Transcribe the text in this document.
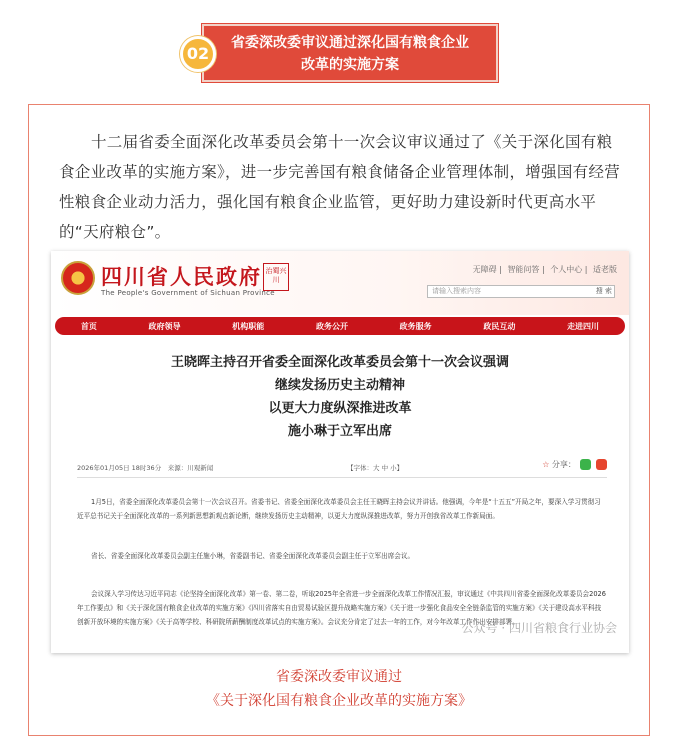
省委深改委审议通过深化国有粮食企业
改革的实施方案
02

十二届省委全面深化改革委员会第十一次会议审议通过了《关于深化国有粮食企业改革的实施方案》，进一步完善国有粮食储备企业管理体制，增强国有经营性粮食企业动力活力，强化国有粮食企业监管，更好助力建设新时代更高水平的“天府粮仓”。

四川省人民政府
The People's Government of Sichuan Province
治蜀兴川
无障碍 | 智能问答 | 个人中心 | 适老版
请输入搜索内容	搜 索
首页	政府领导	机构职能	政务公开	政务服务	政民互动	走进四川
王晓晖主持召开省委全面深化改革委员会第十一次会议强调
继续发扬历史主动精神
以更大力度纵深推进改革
施小琳于立军出席
2026年01月05日 18时36分　来源：川观新闻	【字体：大 中 小】	☆ 分享：

1月5日，省委全面深化改革委员会第十一次会议召开。省委书记、省委全面深化改革委员会主任王晓晖主持会议并讲话。他强调，今年是“十五五”开局之年，要深入学习贯彻习近平总书记关于全面深化改革的一系列新思想新观点新论断，继续发扬历史主动精神，以更大力度纵深推进改革，努力开创我省改革工作新局面。

省长、省委全面深化改革委员会副主任施小琳，省委副书记、省委全面深化改革委员会副主任于立军出席会议。

会议深入学习传达习近平同志《论坚持全面深化改革》第一卷、第二卷，听取2025年全省进一步全面深化改革工作情况汇报，审议通过《中共四川省委全面深化改革委员会2026年工作要点》和《关于深化国有粮食企业改革的实施方案》《四川省落实自由贸易试验区提升战略实施方案》《关于进一步强化食品安全全链条监管的实施方案》《关于建设高水平科技创新开放环境的实施方案》《关于高等学校、科研院所薪酬制度改革试点的实施方案》。会议充分肯定了过去一年的工作，对今年改革工作作出安排部署。

公众号 · 四川省粮食行业协会
省委深改委审议通过
《关于深化国有粮食企业改革的实施方案》
